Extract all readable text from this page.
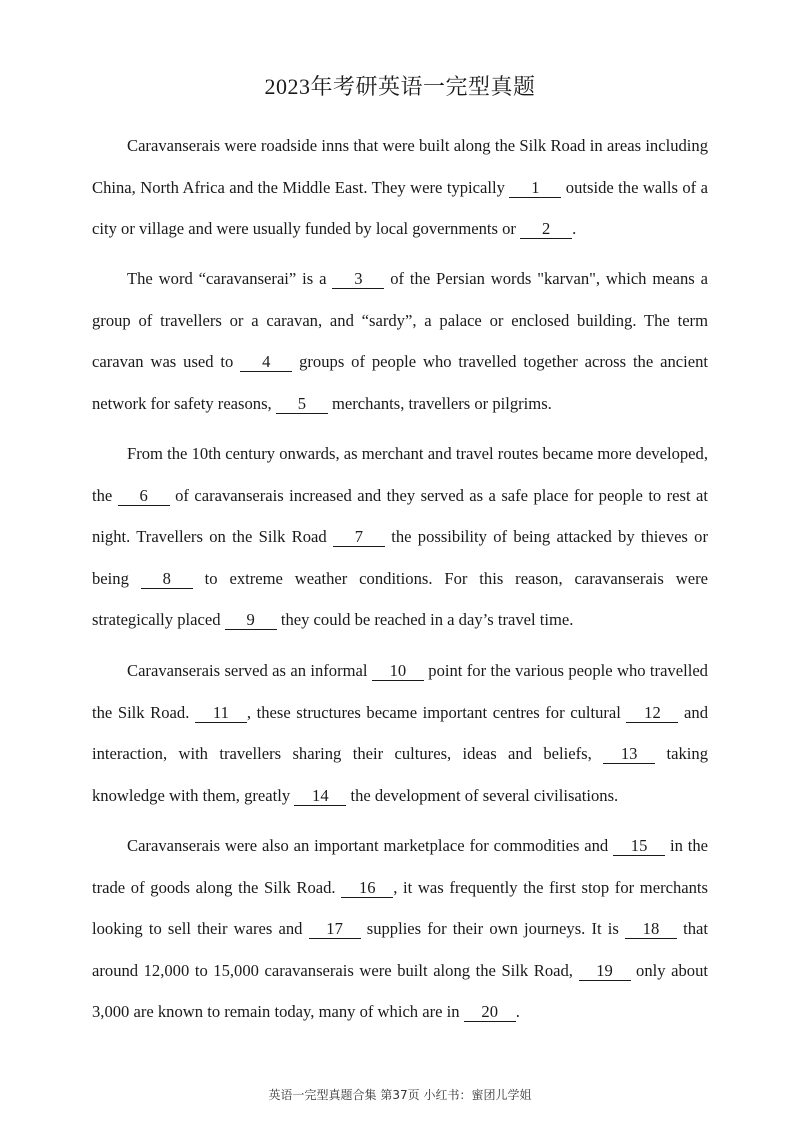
2023年考研英语一完型真题

Caravanserais were roadside inns that were built along the Silk Road in areas including China, North Africa and the Middle East. They were typically 1 outside the walls of a city or village and were usually funded by local governments or 2 .

The word “caravanserai” is a 3 of the Persian words "karvan", which means a group of travellers or a caravan, and “sardy”, a palace or enclosed building. The term caravan was used to 4 groups of people who travelled together across the ancient network for safety reasons, 5 merchants, travellers or pilgrims.

From the 10th century onwards, as merchant and travel routes became more developed, the 6 of caravanserais increased and they served as a safe place for people to rest at night. Travellers on the Silk Road 7 the possibility of being attacked by thieves or being 8 to extreme weather conditions. For this reason, caravanserais were strategically placed 9 they could be reached in a day’s travel time.

Caravanserais served as an informal 10 point for the various people who travelled the Silk Road. 11 , these structures became important centres for cultural 12 and interaction, with travellers sharing their cultures, ideas and beliefs, 13 taking knowledge with them, greatly 14 the development of several civilisations.

Caravanserais were also an important marketplace for commodities and 15 in the trade of goods along the Silk Road. 16 , it was frequently the first stop for merchants looking to sell their wares and 17 supplies for their own journeys. It is 18 that around 12,000 to 15,000 caravanserais were built along the Silk Road, 19 only about 3,000 are known to remain today, many of which are in 20 .

英语一完型真题合集 第37页 小红书：蜜团儿学姐
